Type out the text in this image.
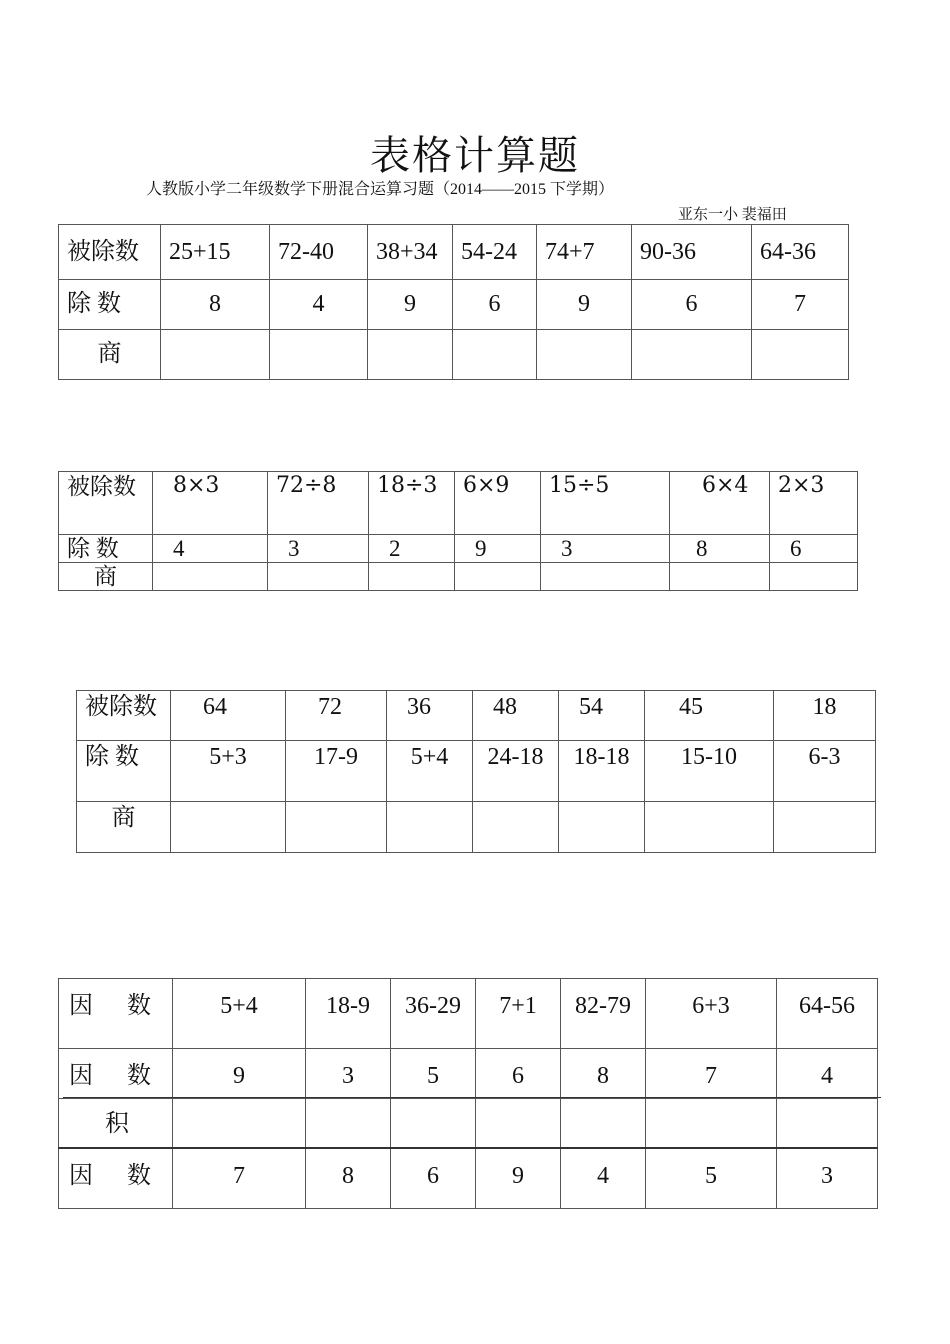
表格计算题
人教版小学二年级数学下册混合运算习题（2014——2015 下学期）
亚东一小 裴福田
被除数	25+15	72-40	38+34	54-24	74+7	90-36	64-36
除 数	8	4	9	6	9	6	7
商							
被除数	8×3	72÷8	18÷3	6×9	15÷5	6×4	2×3
除 数	4	3	2	9	3	8	6
商							
被除数	64	72	36	48	54	45	18
除 数	5+3	17-9	5+4	24-18	18-18	15-10	6-3
商							
因 数	5+4	18-9	36-29	7+1	82-79	6+3	64-56
因 数	9	3	5	6	8	7	4
积							
因 数	7	8	6	9	4	5	3
